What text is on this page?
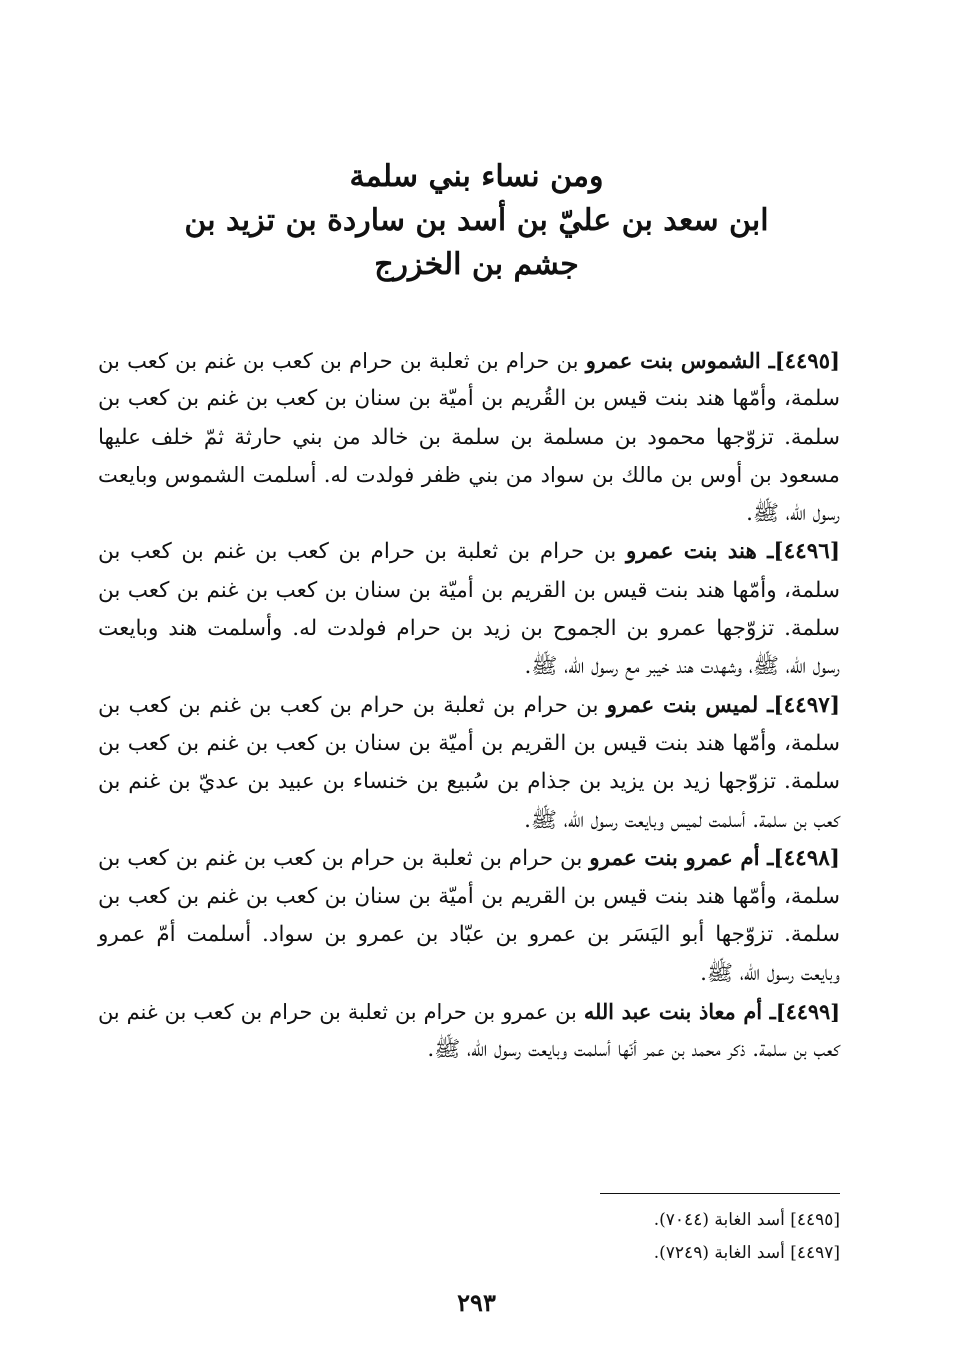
ومن نساء بني سلمة
ابن سعد بن عليّ بن أسد بن ساردة بن تزيد بن
جشم بن الخزرج

[٤٤٩٥]ـ الشموس بنت عمرو بن حرام بن ثعلبة بن حرام بن كعب بن غنم بن كعب بن
سلمة، وأمّها هند بنت قيس بن القُريم بن أميّة بن سنان بن كعب بن غنم بن كعب بن
سلمة. تزوّجها محمود بن مسلمة بن سلمة بن خالد من بني حارثة ثمّ خلف عليها
مسعود بن أوس بن مالك بن سواد من بني ظفر فولدت له. أسلمت الشموس وبايعت
رسول الله، ﷺ.

[٤٤٩٦]ـ هند بنت عمرو بن حرام بن ثعلبة بن حرام بن كعب بن غنم بن كعب بن
سلمة، وأمّها هند بنت قيس بن القريم بن أميّة بن سنان بن كعب بن غنم بن كعب بن
سلمة. تزوّجها عمرو بن الجموح بن زيد بن حرام فولدت له. وأسلمت هند وبايعت
رسول الله، ﷺ، وشهدت هند خيبر مع رسول الله، ﷺ.

[٤٤٩٧]ـ لميس بنت عمرو بن حرام بن ثعلبة بن حرام بن كعب بن غنم بن كعب بن
سلمة، وأمّها هند بنت قيس بن القريم بن أميّة بن سنان بن كعب بن غنم بن كعب بن
سلمة. تزوّجها زيد بن يزيد بن جذام بن سُبيع بن خنساء بن عبيد بن عديّ بن غنم بن
كعب بن سلمة. أسلمت لميس وبايعت رسول الله، ﷺ.

[٤٤٩٨]ـ أم عمرو بنت عمرو بن حرام بن ثعلبة بن حرام بن كعب بن غنم بن كعب بن
سلمة، وأمّها هند بنت قيس بن القريم بن أميّة بن سنان بن كعب بن غنم بن كعب بن
سلمة. تزوّجها أبو اليَسَر بن عمرو بن عبّاد بن عمرو بن سواد. أسلمت أمّ عمرو
وبايعت رسول الله، ﷺ.

[٤٤٩٩]ـ أم معاذ بنت عبد الله بن عمرو بن حرام بن ثعلبة بن حرام بن كعب بن غنم بن
كعب بن سلمة. ذكر محمد بن عمر أنّها أسلمت وبايعت رسول الله، ﷺ.

[٤٤٩٥] أسد الغابة (٧٠٤٤).
[٤٤٩٧] أسد الغابة (٧٢٤٩).
٢٩٣
